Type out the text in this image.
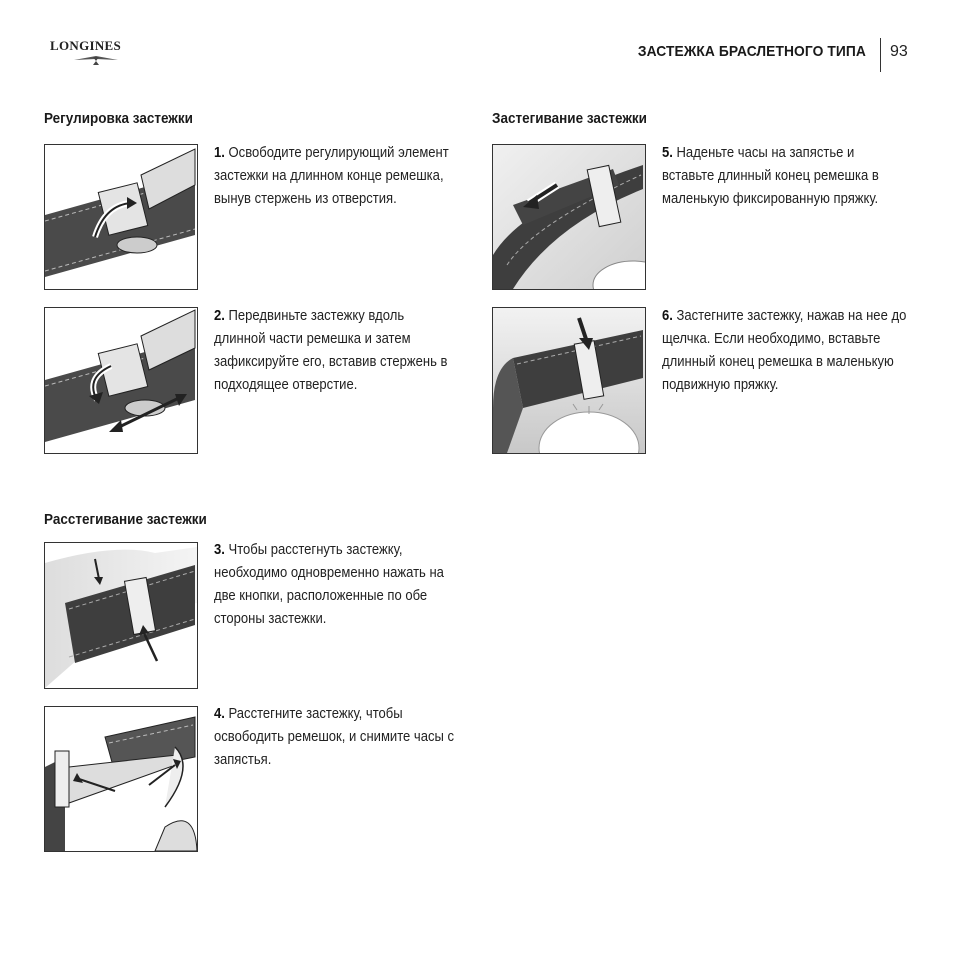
LONGINES	ЗАСТЕЖКА БРАСЛЕТНОГО ТИПА 93
Регулировка застежки
1. Освободите регулирующий элемент застежки на длинном конце ремешка, вынув стержень из отверстия.
2. Передвиньте застежку вдоль длинной части ремешка и затем зафиксируйте его, вставив стержень в подходящее отверстие.
Расстегивание застежки
3. Чтобы расстегнуть застежку, необходимо одновременно нажать на две кнопки, расположенные по обе стороны застежки.
4. Расстегните застежку, чтобы освободить ремешок, и снимите часы с запястья.
Застегивание застежки
5. Наденьте часы на запястье и вставьте длинный конец ремешка в маленькую фиксированную пряжку.
6. Застегните застежку, нажав на нее до щелчка. Если необходимо, вставьте длинный конец ремешка в маленькую подвижную пряжку.
